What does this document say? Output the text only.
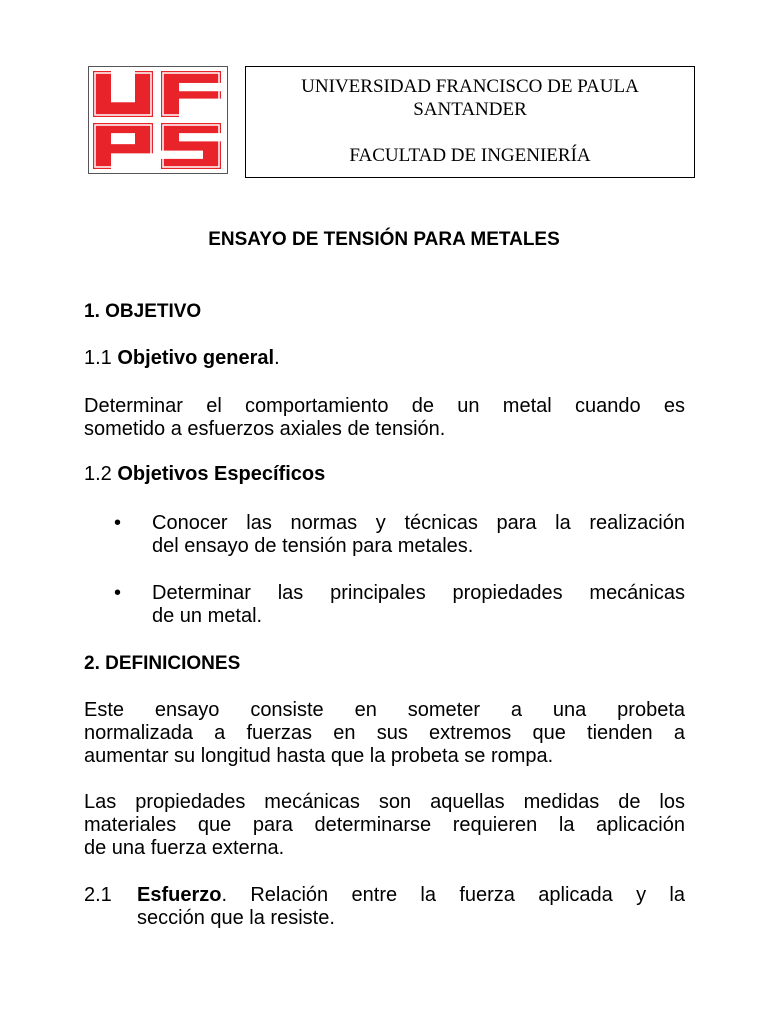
UNIVERSIDAD FRANCISCO DE PAULA
SANTANDER
FACULTAD DE INGENIERÍA
ENSAYO DE TENSIÓN PARA METALES
1. OBJETIVO
1.1 Objetivo general.
Determinar el comportamiento de un metal cuando es
sometido a esfuerzos axiales de tensión.
1.2 Objetivos Específicos
• Conocer las normas y técnicas para la realización
del ensayo de tensión para metales.
• Determinar las principales propiedades mecánicas
de un metal.
2. DEFINICIONES
Este ensayo consiste en someter a una probeta
normalizada a fuerzas en sus extremos que tienden a
aumentar su longitud hasta que la probeta se rompa.
Las propiedades mecánicas son aquellas medidas de los
materiales que para determinarse requieren la aplicación
de una fuerza externa.
2.1 Esfuerzo. Relación entre la fuerza aplicada y la
sección que la resiste.
